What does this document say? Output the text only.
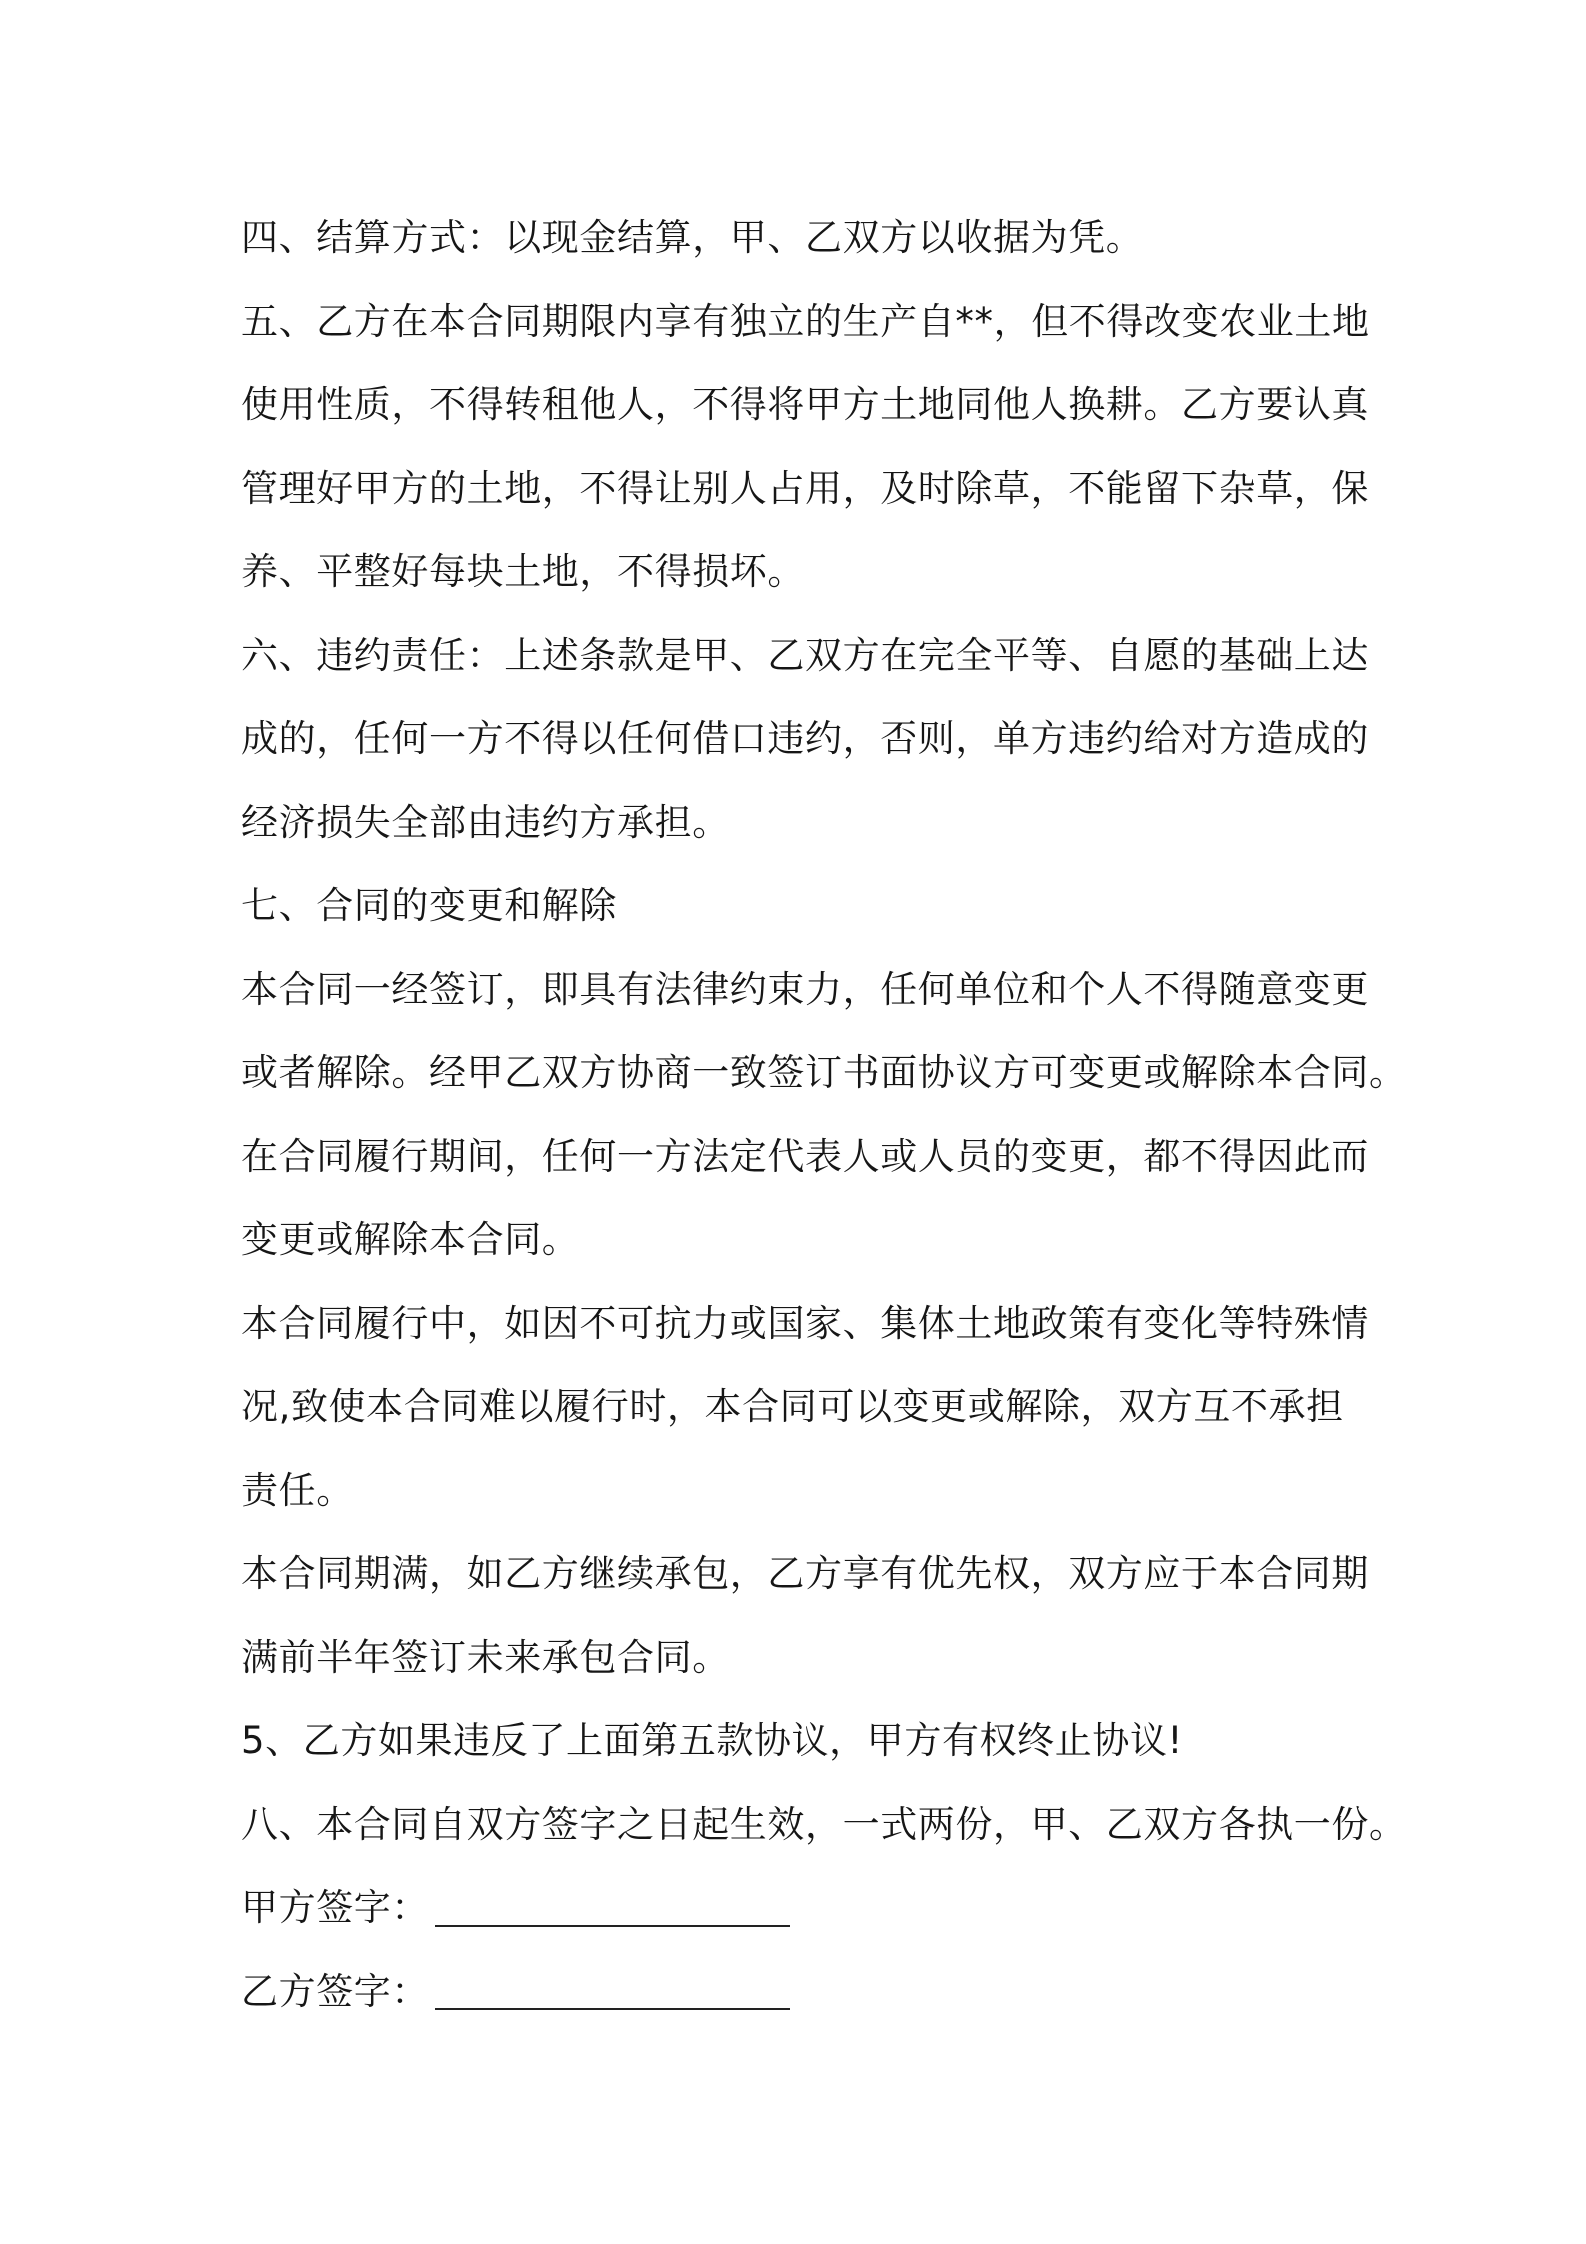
四、结算方式：以现金结算，甲、乙双方以收据为凭。
五、乙方在本合同期限内享有独立的生产自**，但不得改变农业土地
使用性质，不得转租他人，不得将甲方土地同他人换耕。乙方要认真
管理好甲方的土地，不得让别人占用，及时除草，不能留下杂草，保
养、平整好每块土地，不得损坏。
六、违约责任：上述条款是甲、乙双方在完全平等、自愿的基础上达
成的，任何一方不得以任何借口违约，否则，单方违约给对方造成的
经济损失全部由违约方承担。
七、合同的变更和解除
本合同一经签订，即具有法律约束力，任何单位和个人不得随意变更
或者解除。经甲乙双方协商一致签订书面协议方可变更或解除本合同。
在合同履行期间，任何一方法定代表人或人员的变更，都不得因此而
变更或解除本合同。
本合同履行中，如因不可抗力或国家、集体土地政策有变化等特殊情
况,致使本合同难以履行时，本合同可以变更或解除，双方互不承担
责任。
本合同期满，如乙方继续承包，乙方享有优先权，双方应于本合同期
满前半年签订未来承包合同。
5、乙方如果违反了上面第五款协议，甲方有权终止协议!
八、本合同自双方签字之日起生效，一式两份，甲、乙双方各执一份。
甲方签字：
乙方签字：
